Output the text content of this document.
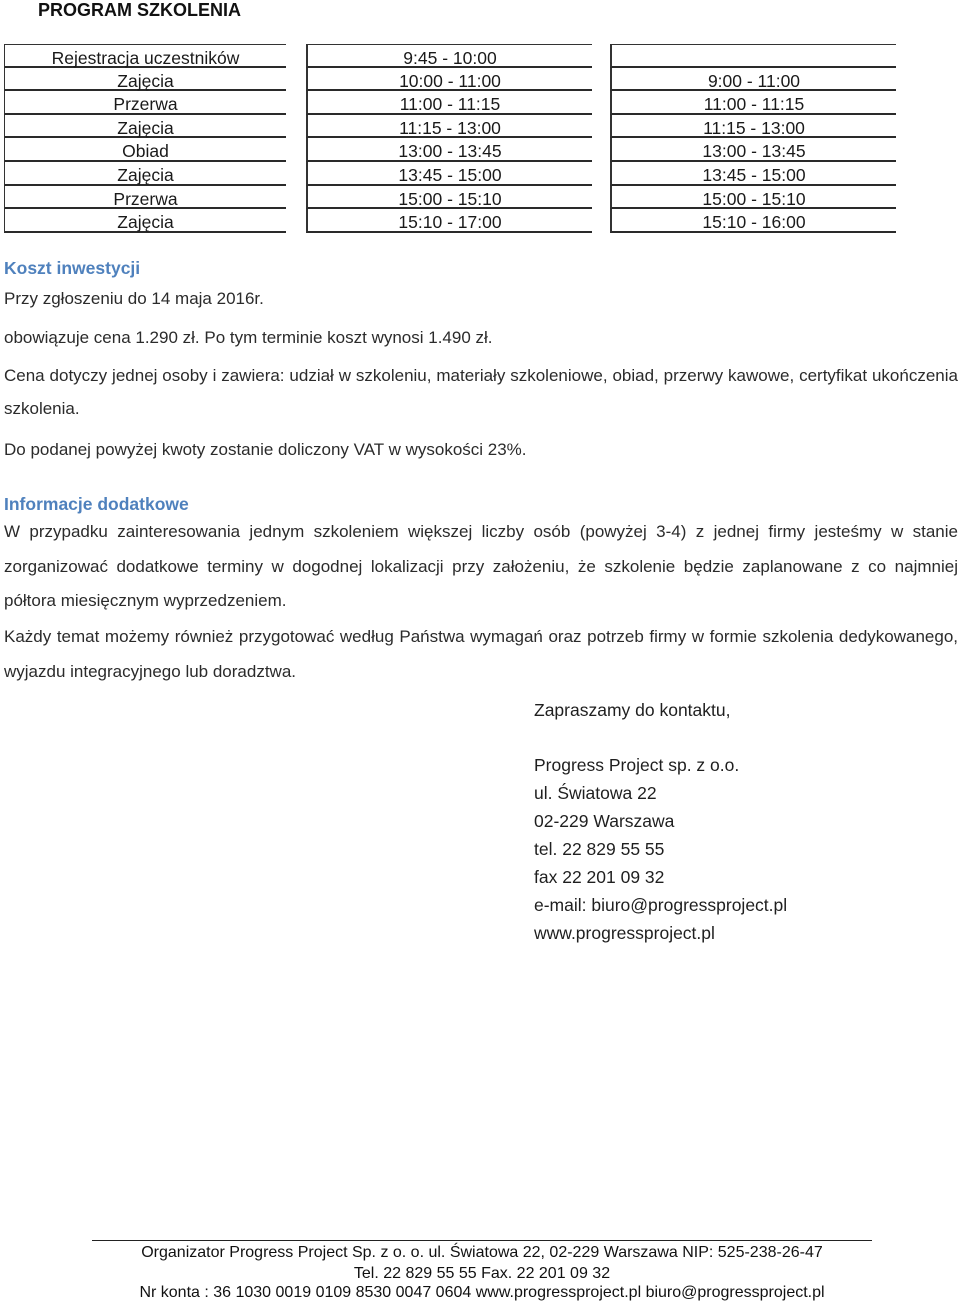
PROGRAM SZKOLENIA
Rejestracja uczestników	9:45 - 10:00
Zajęcia	10:00 - 11:00	9:00 - 11:00
Przerwa	11:00 - 11:15	11:00 - 11:15
Zajęcia	11:15 - 13:00	11:15 - 13:00
Obiad	13:00 - 13:45	13:00 - 13:45
Zajęcia	13:45 - 15:00	13:45 - 15:00
Przerwa	15:00 - 15:10	15:00 - 15:10
Zajęcia	15:10 - 17:00	15:10 - 16:00
Koszt inwestycji
Przy zgłoszeniu do 14 maja 2016r.
obowiązuje cena 1.290 zł. Po tym terminie koszt wynosi 1.490 zł.
Cena dotyczy jednej osoby i zawiera: udział w szkoleniu, materiały szkoleniowe, obiad, przerwy kawowe, certyfikat ukończenia szkolenia.
Do podanej powyżej kwoty zostanie doliczony VAT w wysokości 23%.
Informacje dodatkowe
W przypadku zainteresowania jednym szkoleniem większej liczby osób (powyżej 3-4) z jednej firmy jesteśmy w stanie zorganizować dodatkowe terminy w dogodnej lokalizacji przy założeniu, że szkolenie będzie zaplanowane z co najmniej półtora miesięcznym wyprzedzeniem.
Każdy temat możemy również przygotować według Państwa wymagań oraz potrzeb firmy w formie szkolenia dedykowanego, wyjazdu integracyjnego lub doradztwa.
Zapraszamy do kontaktu,
Progress Project sp. z o.o.
ul. Światowa 22
02-229 Warszawa
tel. 22 829 55 55
fax 22 201 09 32
e-mail: biuro@progressproject.pl
www.progressproject.pl
Organizator Progress Project Sp. z o. o. ul. Światowa 22, 02-229 Warszawa NIP: 525-238-26-47
Tel. 22 829 55 55 Fax. 22 201 09 32
Nr konta : 36 1030 0019 0109 8530 0047 0604 www.progressproject.pl biuro@progressproject.pl
